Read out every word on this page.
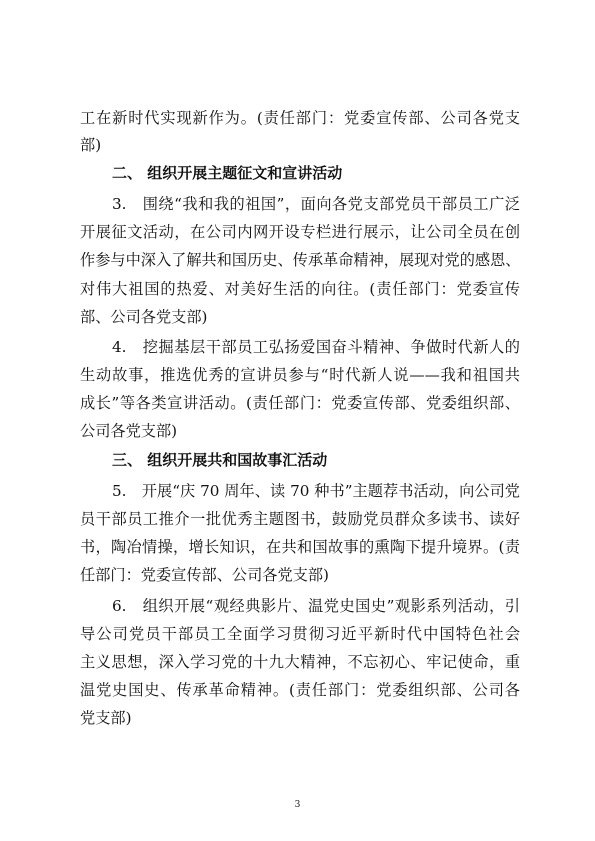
工在新时代实现新作为。(责任部门：党委宣传部、公司各党支
部)
二、 组织开展主题征文和宣讲活动
3.　围绕“我和我的祖国”，面向各党支部党员干部员工广泛
开展征文活动，在公司内网开设专栏进行展示，让公司全员在创
作参与中深入了解共和国历史、传承革命精神，展现对党的感恩、
对伟大祖国的热爱、对美好生活的向往。(责任部门：党委宣传
部、公司各党支部)
4.　挖掘基层干部员工弘扬爱国奋斗精神、争做时代新人的
生动故事，推选优秀的宣讲员参与“时代新人说——我和祖国共
成长”等各类宣讲活动。(责任部门：党委宣传部、党委组织部、
公司各党支部)
三、 组织开展共和国故事汇活动
5.　开展“庆 70 周年、读 70 种书”主题荐书活动，向公司党
员干部员工推介一批优秀主题图书，鼓励党员群众多读书、读好
书，陶冶情操，增长知识，在共和国故事的熏陶下提升境界。(责
任部门：党委宣传部、公司各党支部)
6.　组织开展“观经典影片、温党史国史”观影系列活动，引
导公司党员干部员工全面学习贯彻习近平新时代中国特色社会
主义思想，深入学习党的十九大精神，不忘初心、牢记使命，重
温党史国史、传承革命精神。(责任部门：党委组织部、公司各
党支部)
3
